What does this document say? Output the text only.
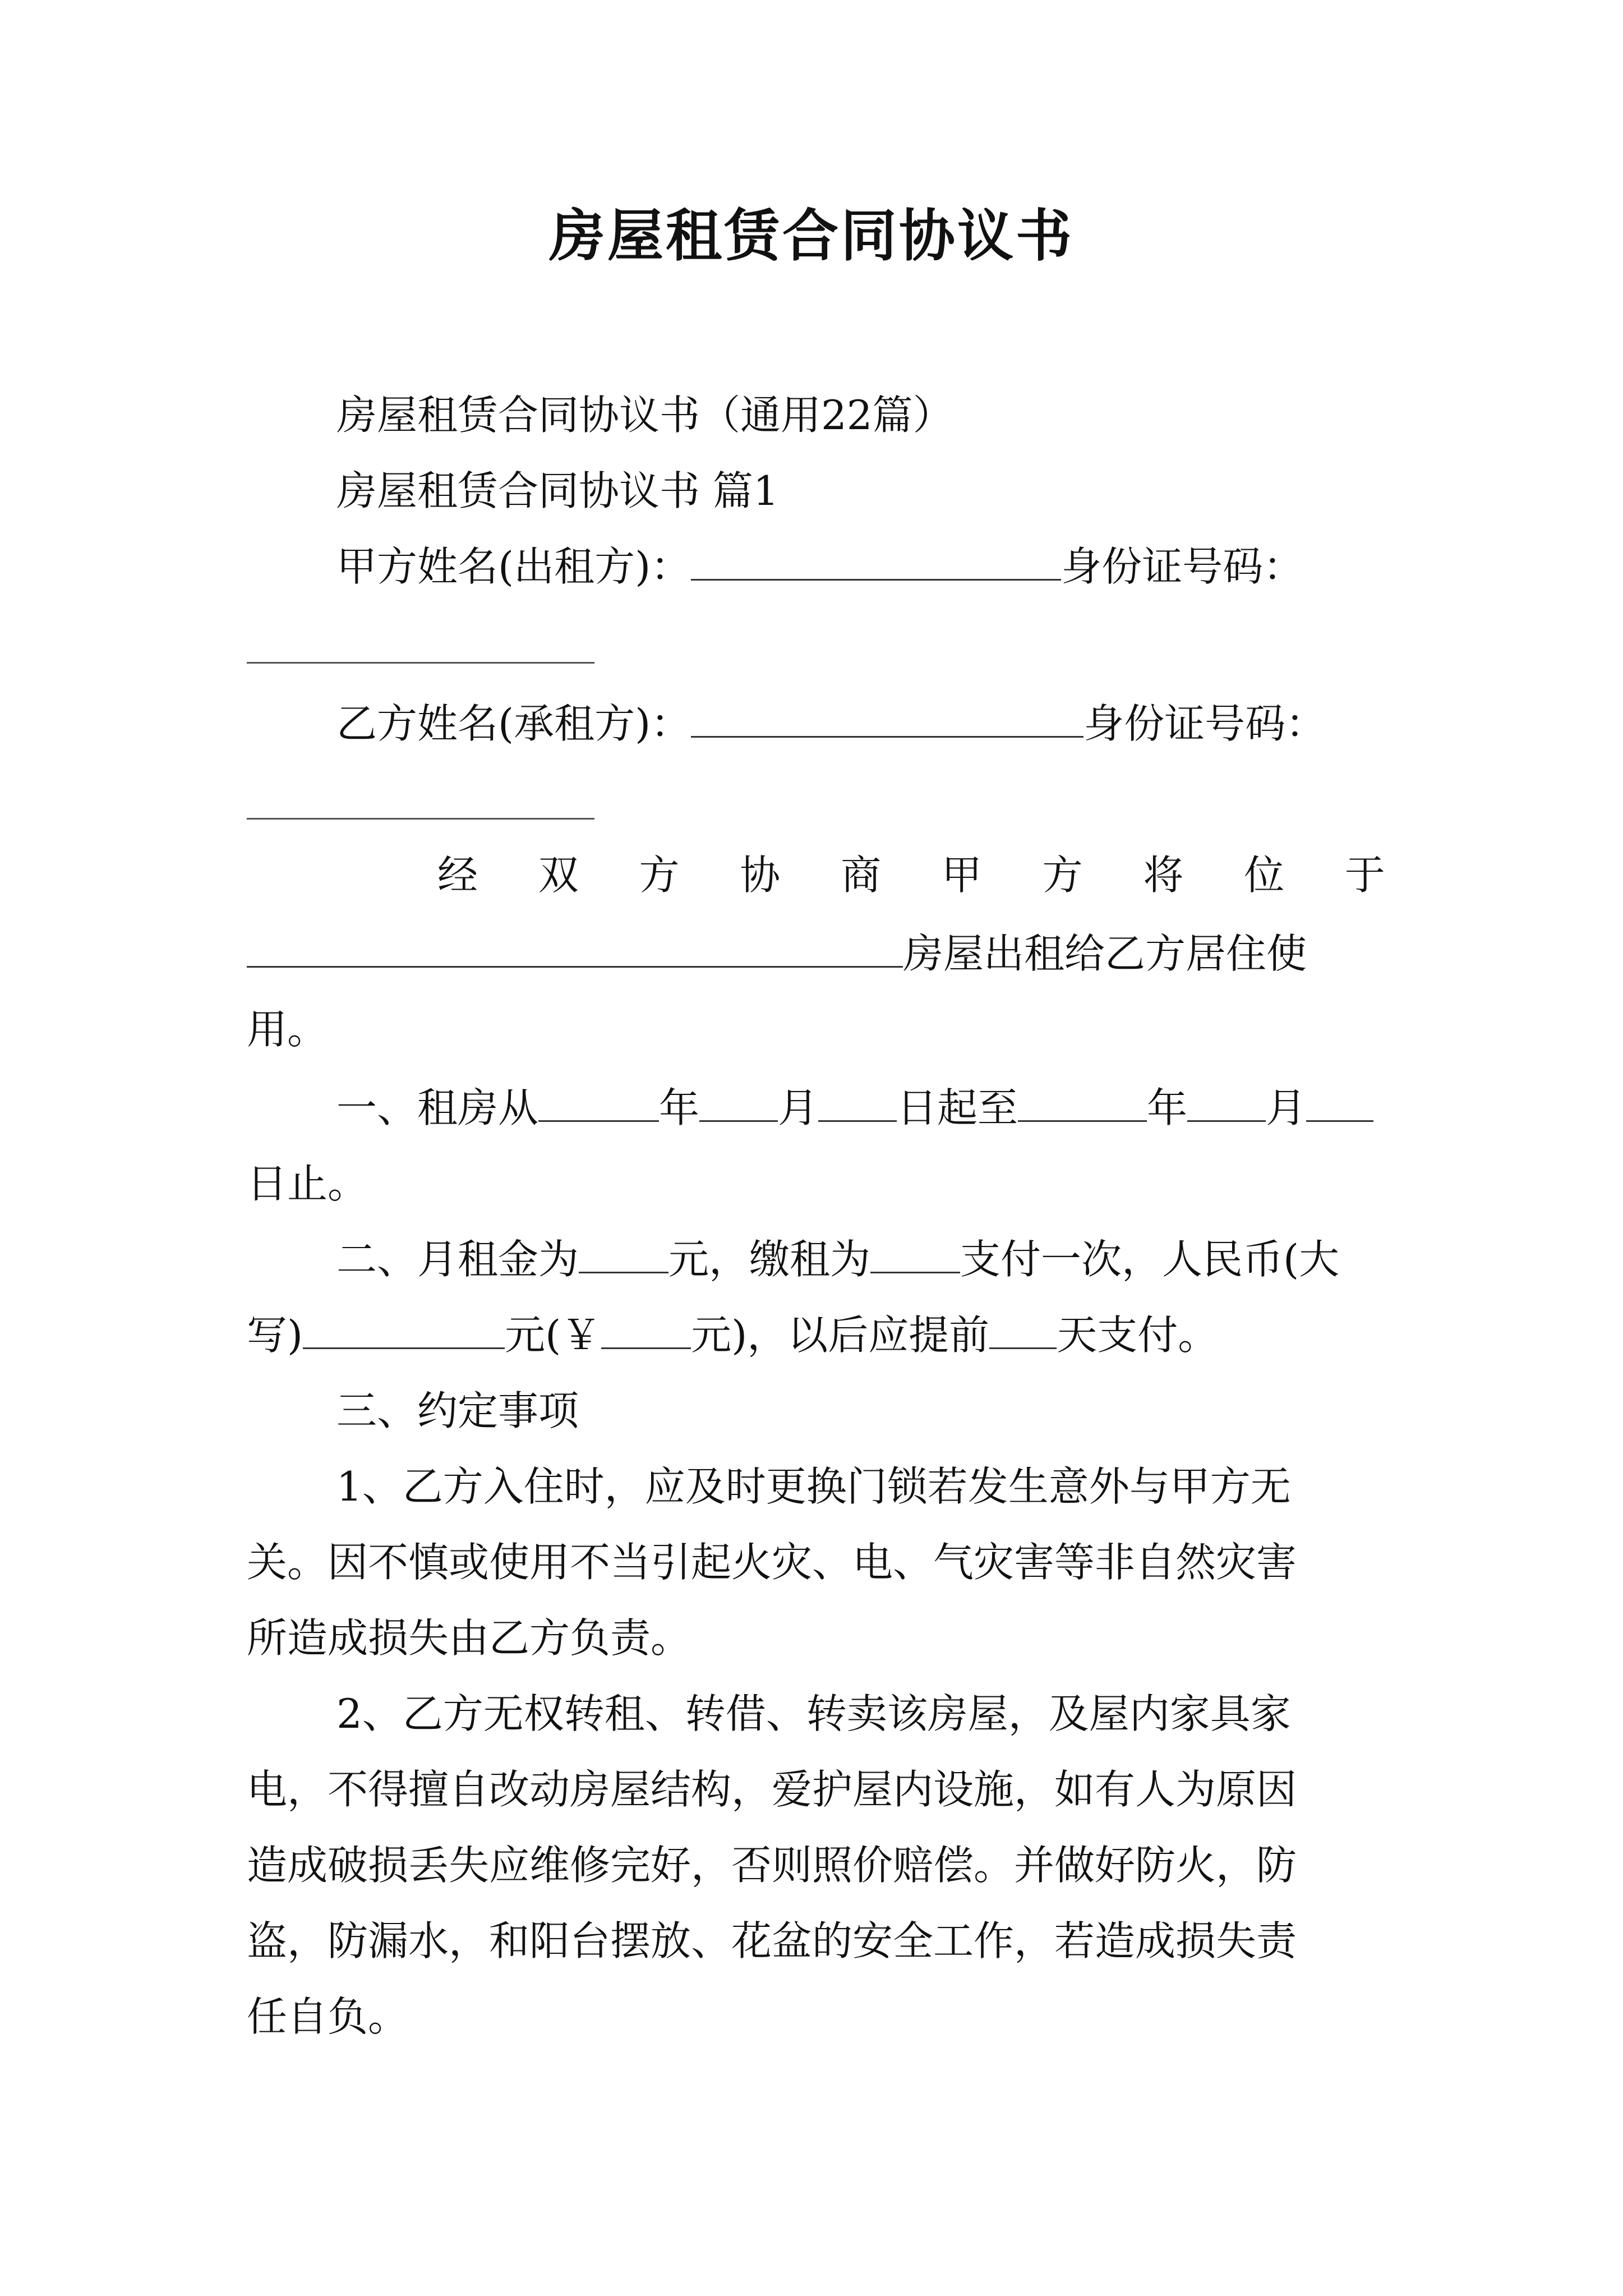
房屋租赁合同协议书
房屋租赁合同协议书（通用22篇）
房屋租赁合同协议书 篇1
甲方姓名(出租方)：	身份证号码：
乙方姓名(承租方)：	身份证号码：
经 双 方 协 商 甲 方 将 位 于
房屋出租给乙方居住使
用。
一、租房从	年 月 日起至	年 月
日止。
二、月租金为 元，缴租为 支付一次，人民币(大
写)	元(￥ 元)，以后应提前 天支付。
三、约定事项
1、乙方入住时，应及时更换门锁若发生意外与甲方无
关。因不慎或使用不当引起火灾、电、气灾害等非自然灾害
所造成损失由乙方负责。
2、乙方无权转租、转借、转卖该房屋，及屋内家具家
电，不得擅自改动房屋结构，爱护屋内设施，如有人为原因
造成破损丢失应维修完好，否则照价赔偿。并做好防火，防
盗，防漏水，和阳台摆放、花盆的安全工作，若造成损失责
任自负。
